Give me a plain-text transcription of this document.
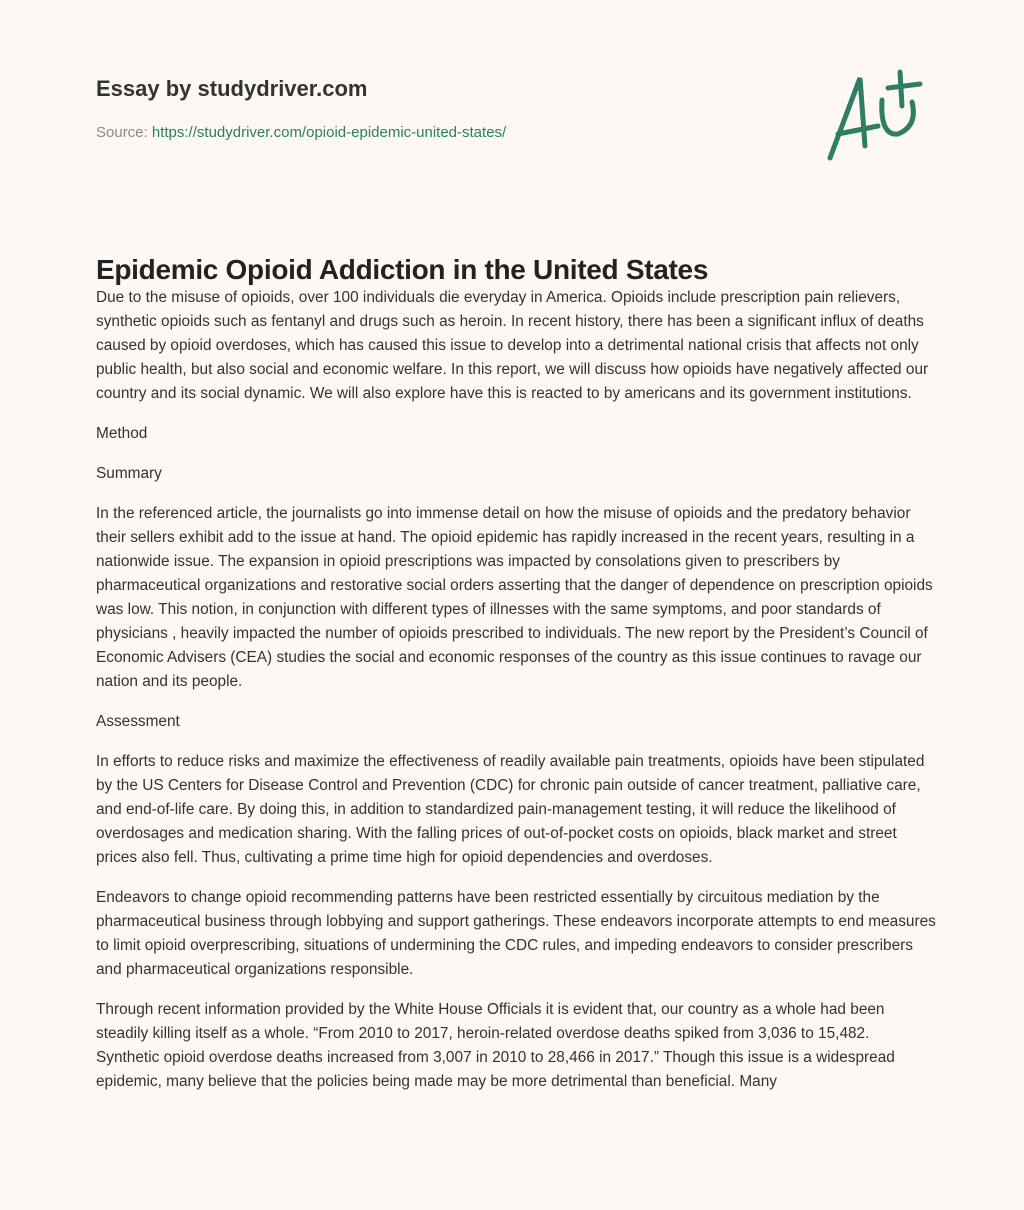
Essay by studydriver.com

Source: https://studydriver.com/opioid-epidemic-united-states/
Epidemic Opioid Addiction in the United States

Due to the misuse of opioids, over 100 individuals die everyday in America. Opioids include prescription pain relievers, synthetic opioids such as fentanyl and drugs such as heroin. In recent history, there has been a significant influx of deaths caused by opioid overdoses, which has caused this issue to develop into a detrimental national crisis that affects not only public health, but also social and economic welfare. In this report, we will discuss how opioids have negatively affected our country and its social dynamic. We will also explore have this is reacted to by americans and its government institutions.

Method

Summary

In the referenced article, the journalists go into immense detail on how the misuse of opioids and the predatory behavior their sellers exhibit add to the issue at hand. The opioid epidemic has rapidly increased in the recent years, resulting in a nationwide issue. The expansion in opioid prescriptions was impacted by consolations given to prescribers by pharmaceutical organizations and restorative social orders asserting that the danger of dependence on prescription opioids was low. This notion, in conjunction with different types of illnesses with the same symptoms, and poor standards of physicians , heavily impacted the number of opioids prescribed to individuals. The new report by the President’s Council of Economic Advisers (CEA) studies the social and economic responses of the country as this issue continues to ravage our nation and its people.

Assessment

In efforts to reduce risks and maximize the effectiveness of readily available pain treatments, opioids have been stipulated by the US Centers for Disease Control and Prevention (CDC) for chronic pain outside of cancer treatment, palliative care, and end-of-life care. By doing this, in addition to standardized pain-management testing, it will reduce the likelihood of overdosages and medication sharing. With the falling prices of out-of-pocket costs on opioids, black market and street prices also fell. Thus, cultivating a prime time high for opioid dependencies and overdoses.

Endeavors to change opioid recommending patterns have been restricted essentially by circuitous mediation by the pharmaceutical business through lobbying and support gatherings. These endeavors incorporate attempts to end measures to limit opioid overprescribing, situations of undermining the CDC rules, and impeding endeavors to consider prescribers and pharmaceutical organizations responsible.

Through recent information provided by the White House Officials it is evident that, our country as a whole had been steadily killing itself as a whole. “From 2010 to 2017, heroin-related overdose deaths spiked from 3,036 to 15,482. Synthetic opioid overdose deaths increased from 3,007 in 2010 to 28,466 in 2017.” Though this issue is a widespread epidemic, many believe that the policies being made may be more detrimental than beneficial. Many
